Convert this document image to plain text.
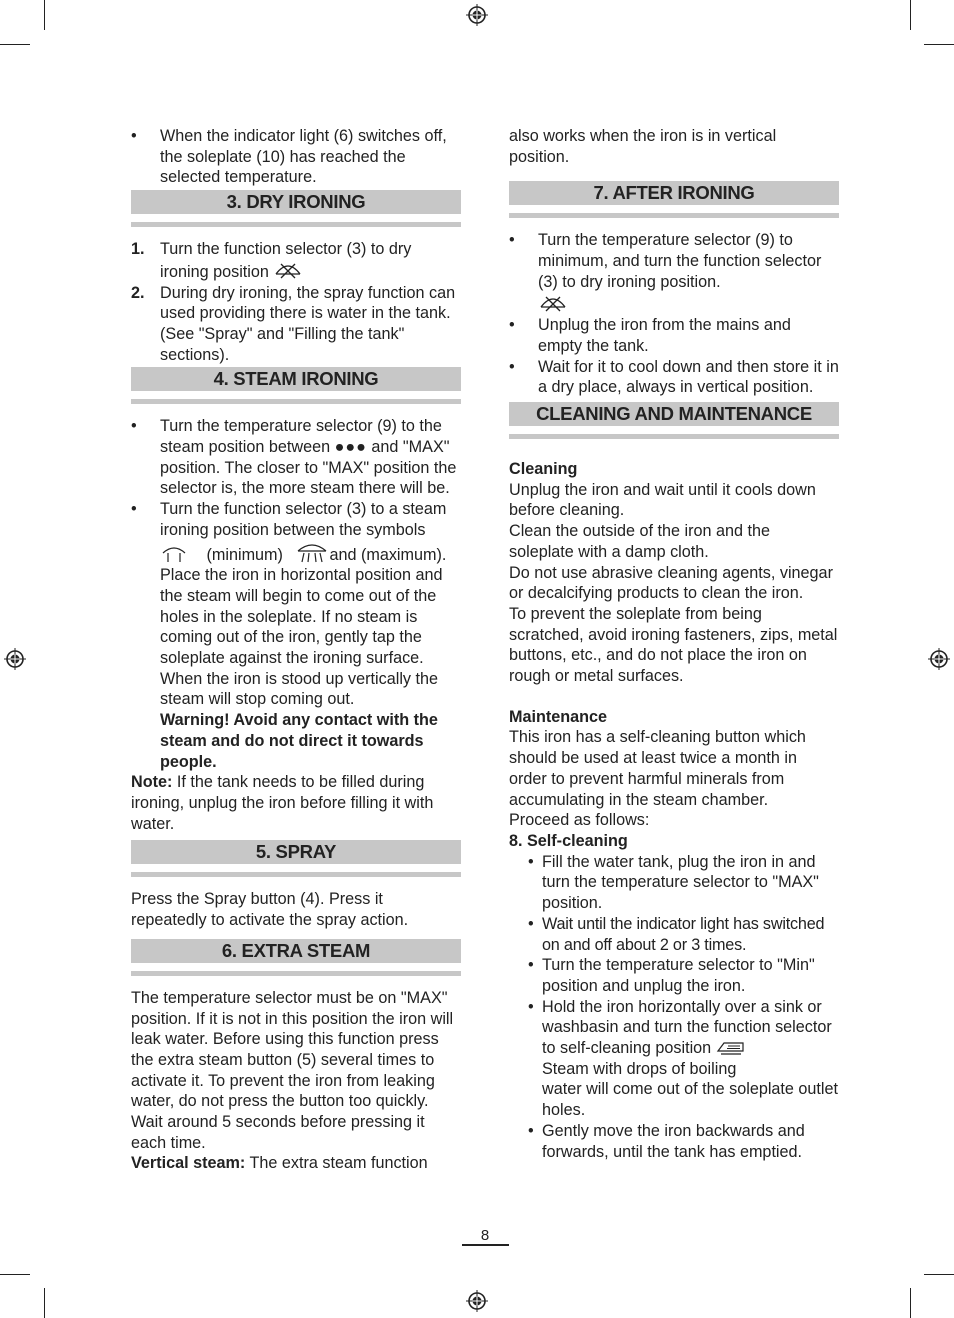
• When the indicator light (6) switches off, the soleplate (10) has reached the selected temperature.
3. DRY IRONING
1. Turn the function selector (3) to dry ironing position
2. During dry ironing, the spray function can used providing there is water in the tank. (See "Spray" and "Filling the tank" sections).
4. STEAM IRONING
• Turn the temperature selector (9) to the steam position between ●●● and "MAX" position. The closer to "MAX" position the selector is, the more steam there will be.
• Turn the function selector (3) to a steam ironing position between the symbols
(minimum)	and (maximum). Place the iron in horizontal position and the steam will begin to come out of the holes in the soleplate. If no steam is coming out of the iron, gently tap the soleplate against the ironing surface. When the iron is stood up vertically the steam will stop coming out.
Warning! Avoid any contact with the steam and do not direct it towards people.

Note: If the tank needs to be filled during ironing, unplug the iron before filling it with water.

5. SPRAY

Press the Spray button (4). Press it repeatedly to activate the spray action.

6. EXTRA STEAM

The temperature selector must be on "MAX" position. If it is not in this position the iron will leak water. Before using this function press the extra steam button (5) several times to activate it. To prevent the iron from leaking water, do not press the button too quickly. Wait around 5 seconds before pressing it each time.

Vertical steam: The extra steam function

also works when the iron is in vertical position.

7. AFTER IRONING
• Turn the temperature selector (9) to minimum, and turn the function selector (3) to dry ironing position.

• Unplug the iron from the mains and empty the tank.
• Wait for it to cool down and then store it in a dry place, always in vertical position.
CLEANING AND MAINTENANCE

Cleaning

Unplug the iron and wait until it cools down before cleaning.

Clean the outside of the iron and the soleplate with a damp cloth.

Do not use abrasive cleaning agents, vinegar or decalcifying products to clean the iron.

To prevent the soleplate from being scratched, avoid ironing fasteners, zips, metal buttons, etc., and do not place the iron on rough or metal surfaces.

Maintenance

This iron has a self-cleaning button which should be used at least twice a month in order to prevent harmful minerals from accumulating in the steam chamber.

Proceed as follows:

8. Self-cleaning

• Fill the water tank, plug the iron in and turn the temperature selector to "MAX" position.
• Wait until the indicator light has switched on and off about 2 or 3 times.
• Turn the temperature selector to "Min" position and unplug the iron.
• Hold the iron horizontally over a sink or washbasin and turn the function selector to self-cleaning position
Steam with drops of boiling
water will come out of the soleplate outlet holes.
• Gently move the iron backwards and forwards, until the tank has emptied.
8
